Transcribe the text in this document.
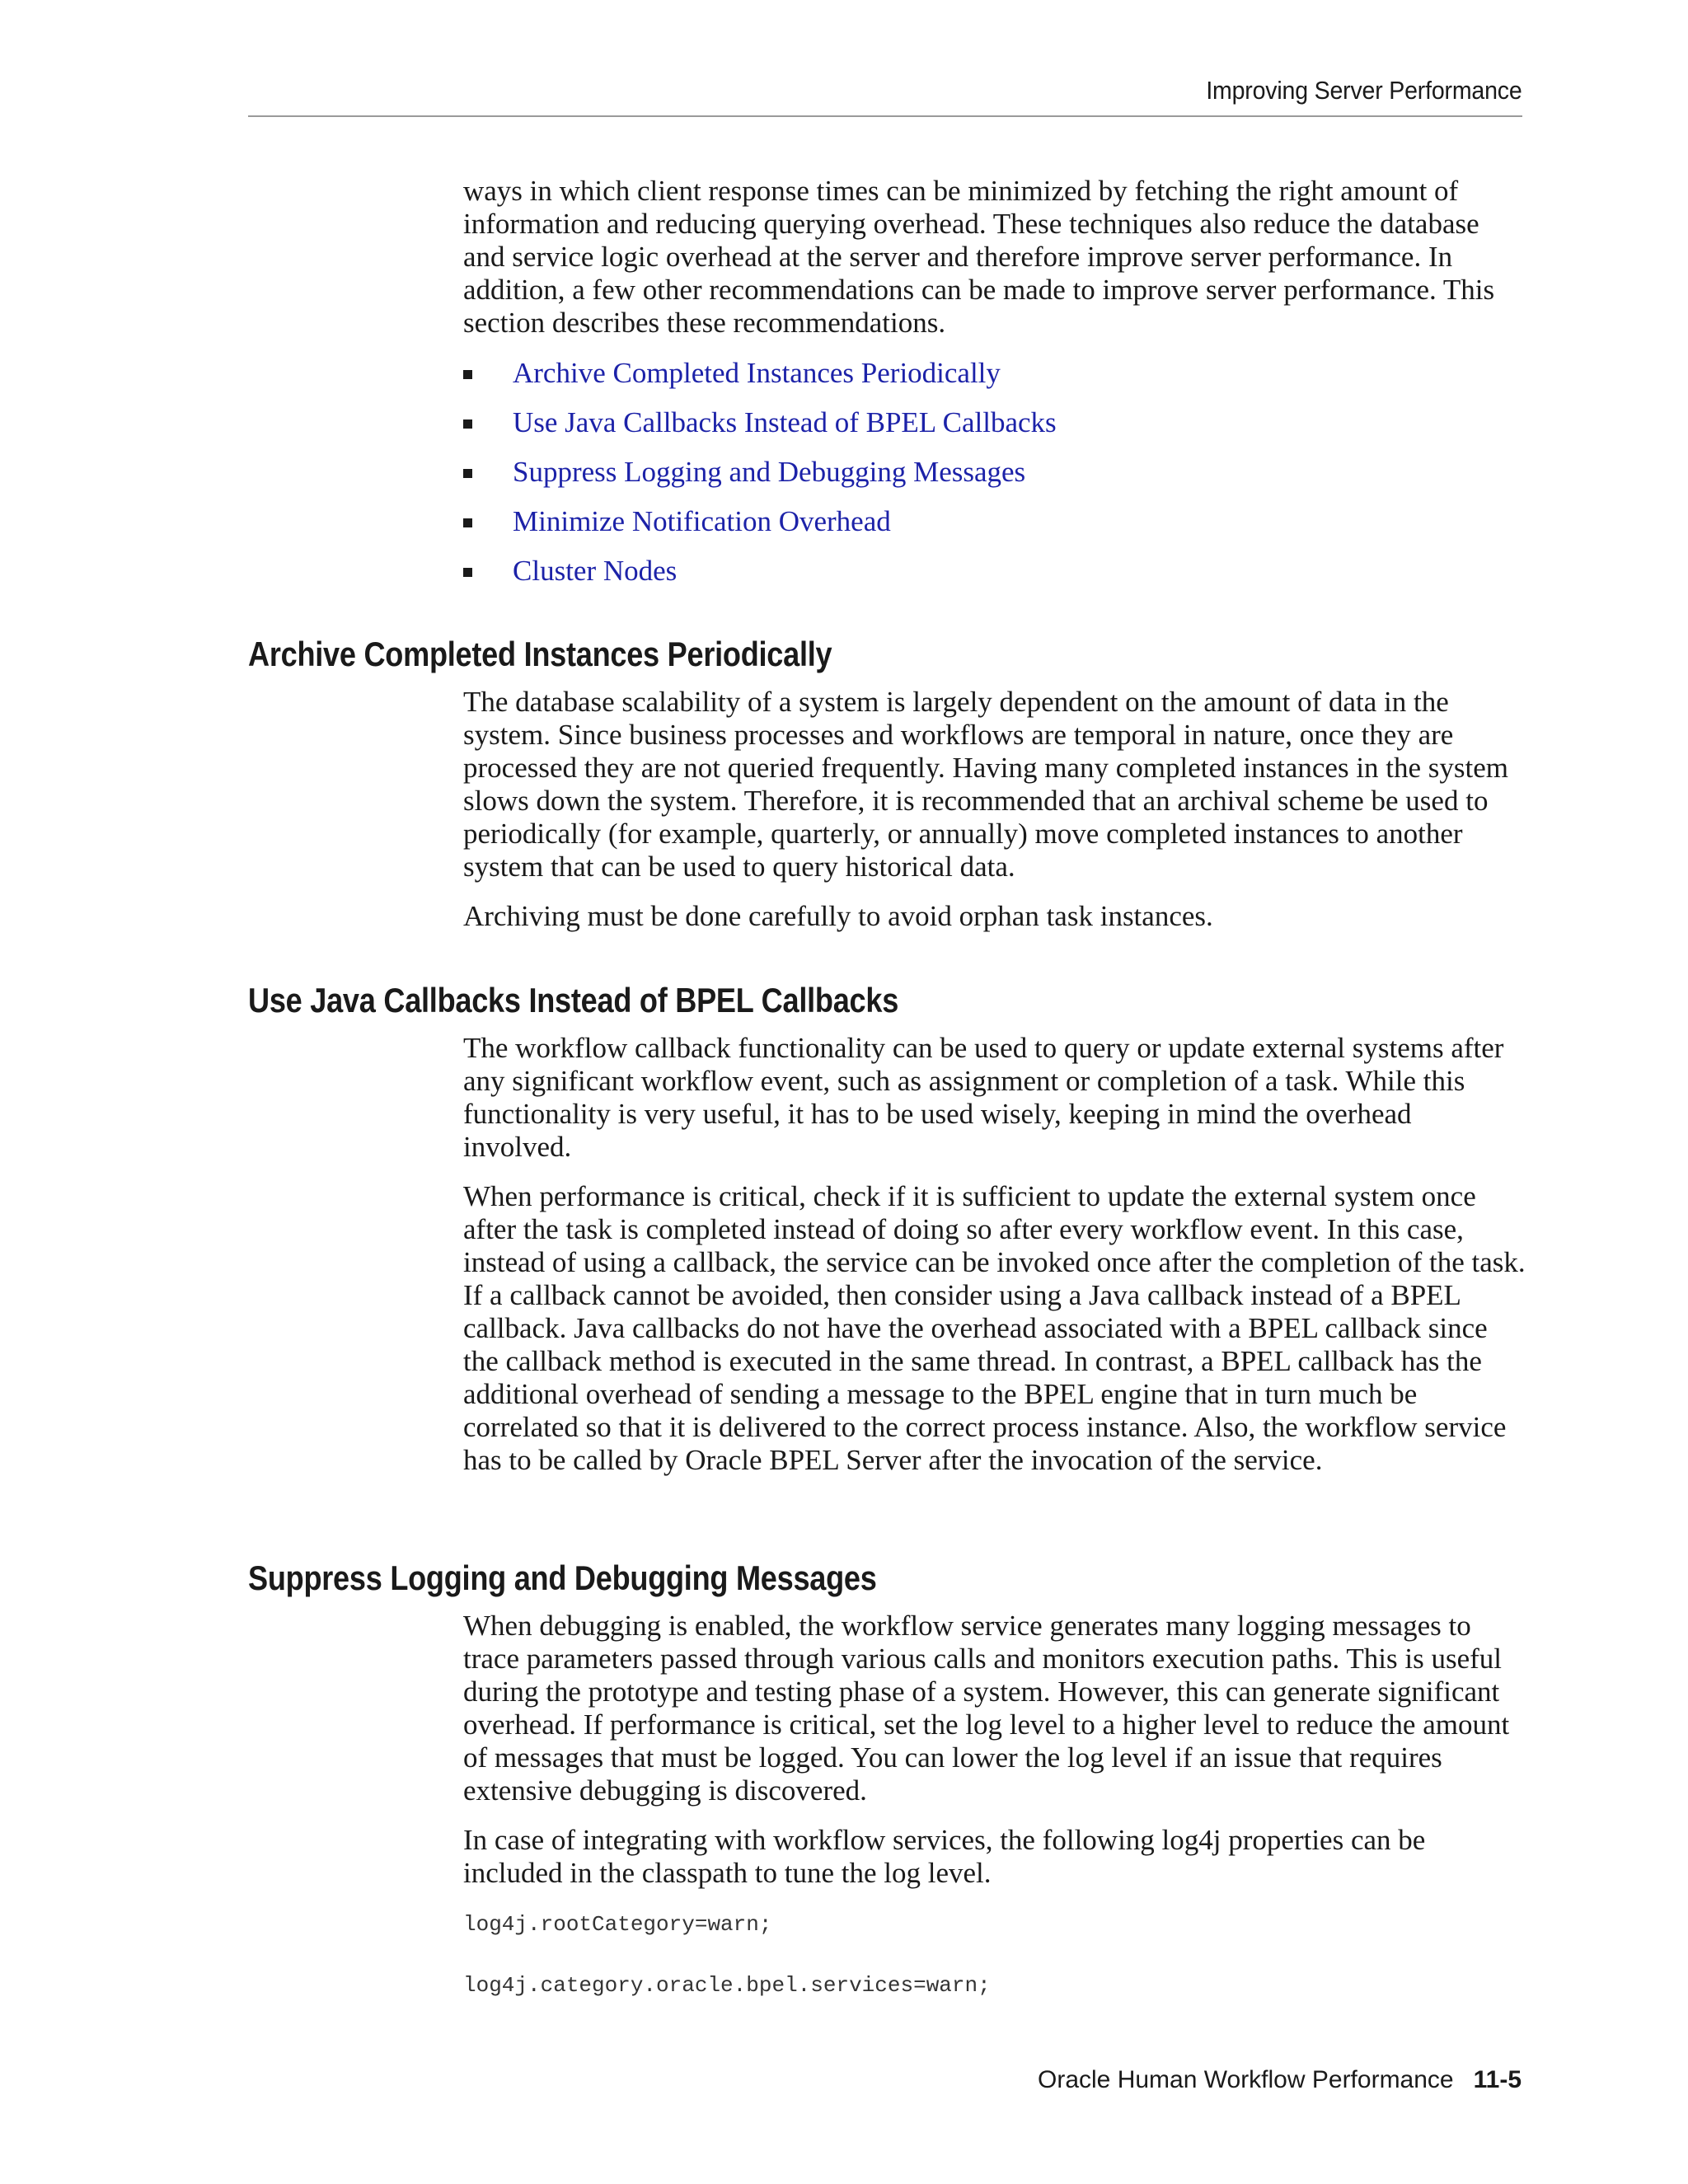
Improving Server Performance

ways in which client response times can be minimized by fetching the right amount of information and reducing querying overhead. These techniques also reduce the database and service logic overhead at the server and therefore improve server performance. In addition, a few other recommendations can be made to improve server performance. This section describes these recommendations.

Archive Completed Instances Periodically
Use Java Callbacks Instead of BPEL Callbacks
Suppress Logging and Debugging Messages
Minimize Notification Overhead
Cluster Nodes
Archive Completed Instances Periodically

The database scalability of a system is largely dependent on the amount of data in the system. Since business processes and workflows are temporal in nature, once they are processed they are not queried frequently. Having many completed instances in the system slows down the system. Therefore, it is recommended that an archival scheme be used to periodically (for example, quarterly, or annually) move completed instances to another system that can be used to query historical data.

Archiving must be done carefully to avoid orphan task instances.

Use Java Callbacks Instead of BPEL Callbacks

The workflow callback functionality can be used to query or update external systems after any significant workflow event, such as assignment or completion of a task. While this functionality is very useful, it has to be used wisely, keeping in mind the overhead involved.

When performance is critical, check if it is sufficient to update the external system once after the task is completed instead of doing so after every workflow event. In this case, instead of using a callback, the service can be invoked once after the completion of the task. If a callback cannot be avoided, then consider using a Java callback instead of a BPEL callback. Java callbacks do not have the overhead associated with a BPEL callback since the callback method is executed in the same thread. In contrast, a BPEL callback has the additional overhead of sending a message to the BPEL engine that in turn much be correlated so that it is delivered to the correct process instance. Also, the workflow service has to be called by Oracle BPEL Server after the invocation of the service.

Suppress Logging and Debugging Messages

When debugging is enabled, the workflow service generates many logging messages to trace parameters passed through various calls and monitors execution paths. This is useful during the prototype and testing phase of a system. However, this can generate significant overhead. If performance is critical, set the log level to a higher level to reduce the amount of messages that must be logged. You can lower the log level if an issue that requires extensive debugging is discovered.

In case of integrating with workflow services, the following log4j properties can be included in the classpath to tune the log level.

log4j.rootCategory=warn;
log4j.category.oracle.bpel.services=warn;
Oracle Human Workflow Performance 11-5
